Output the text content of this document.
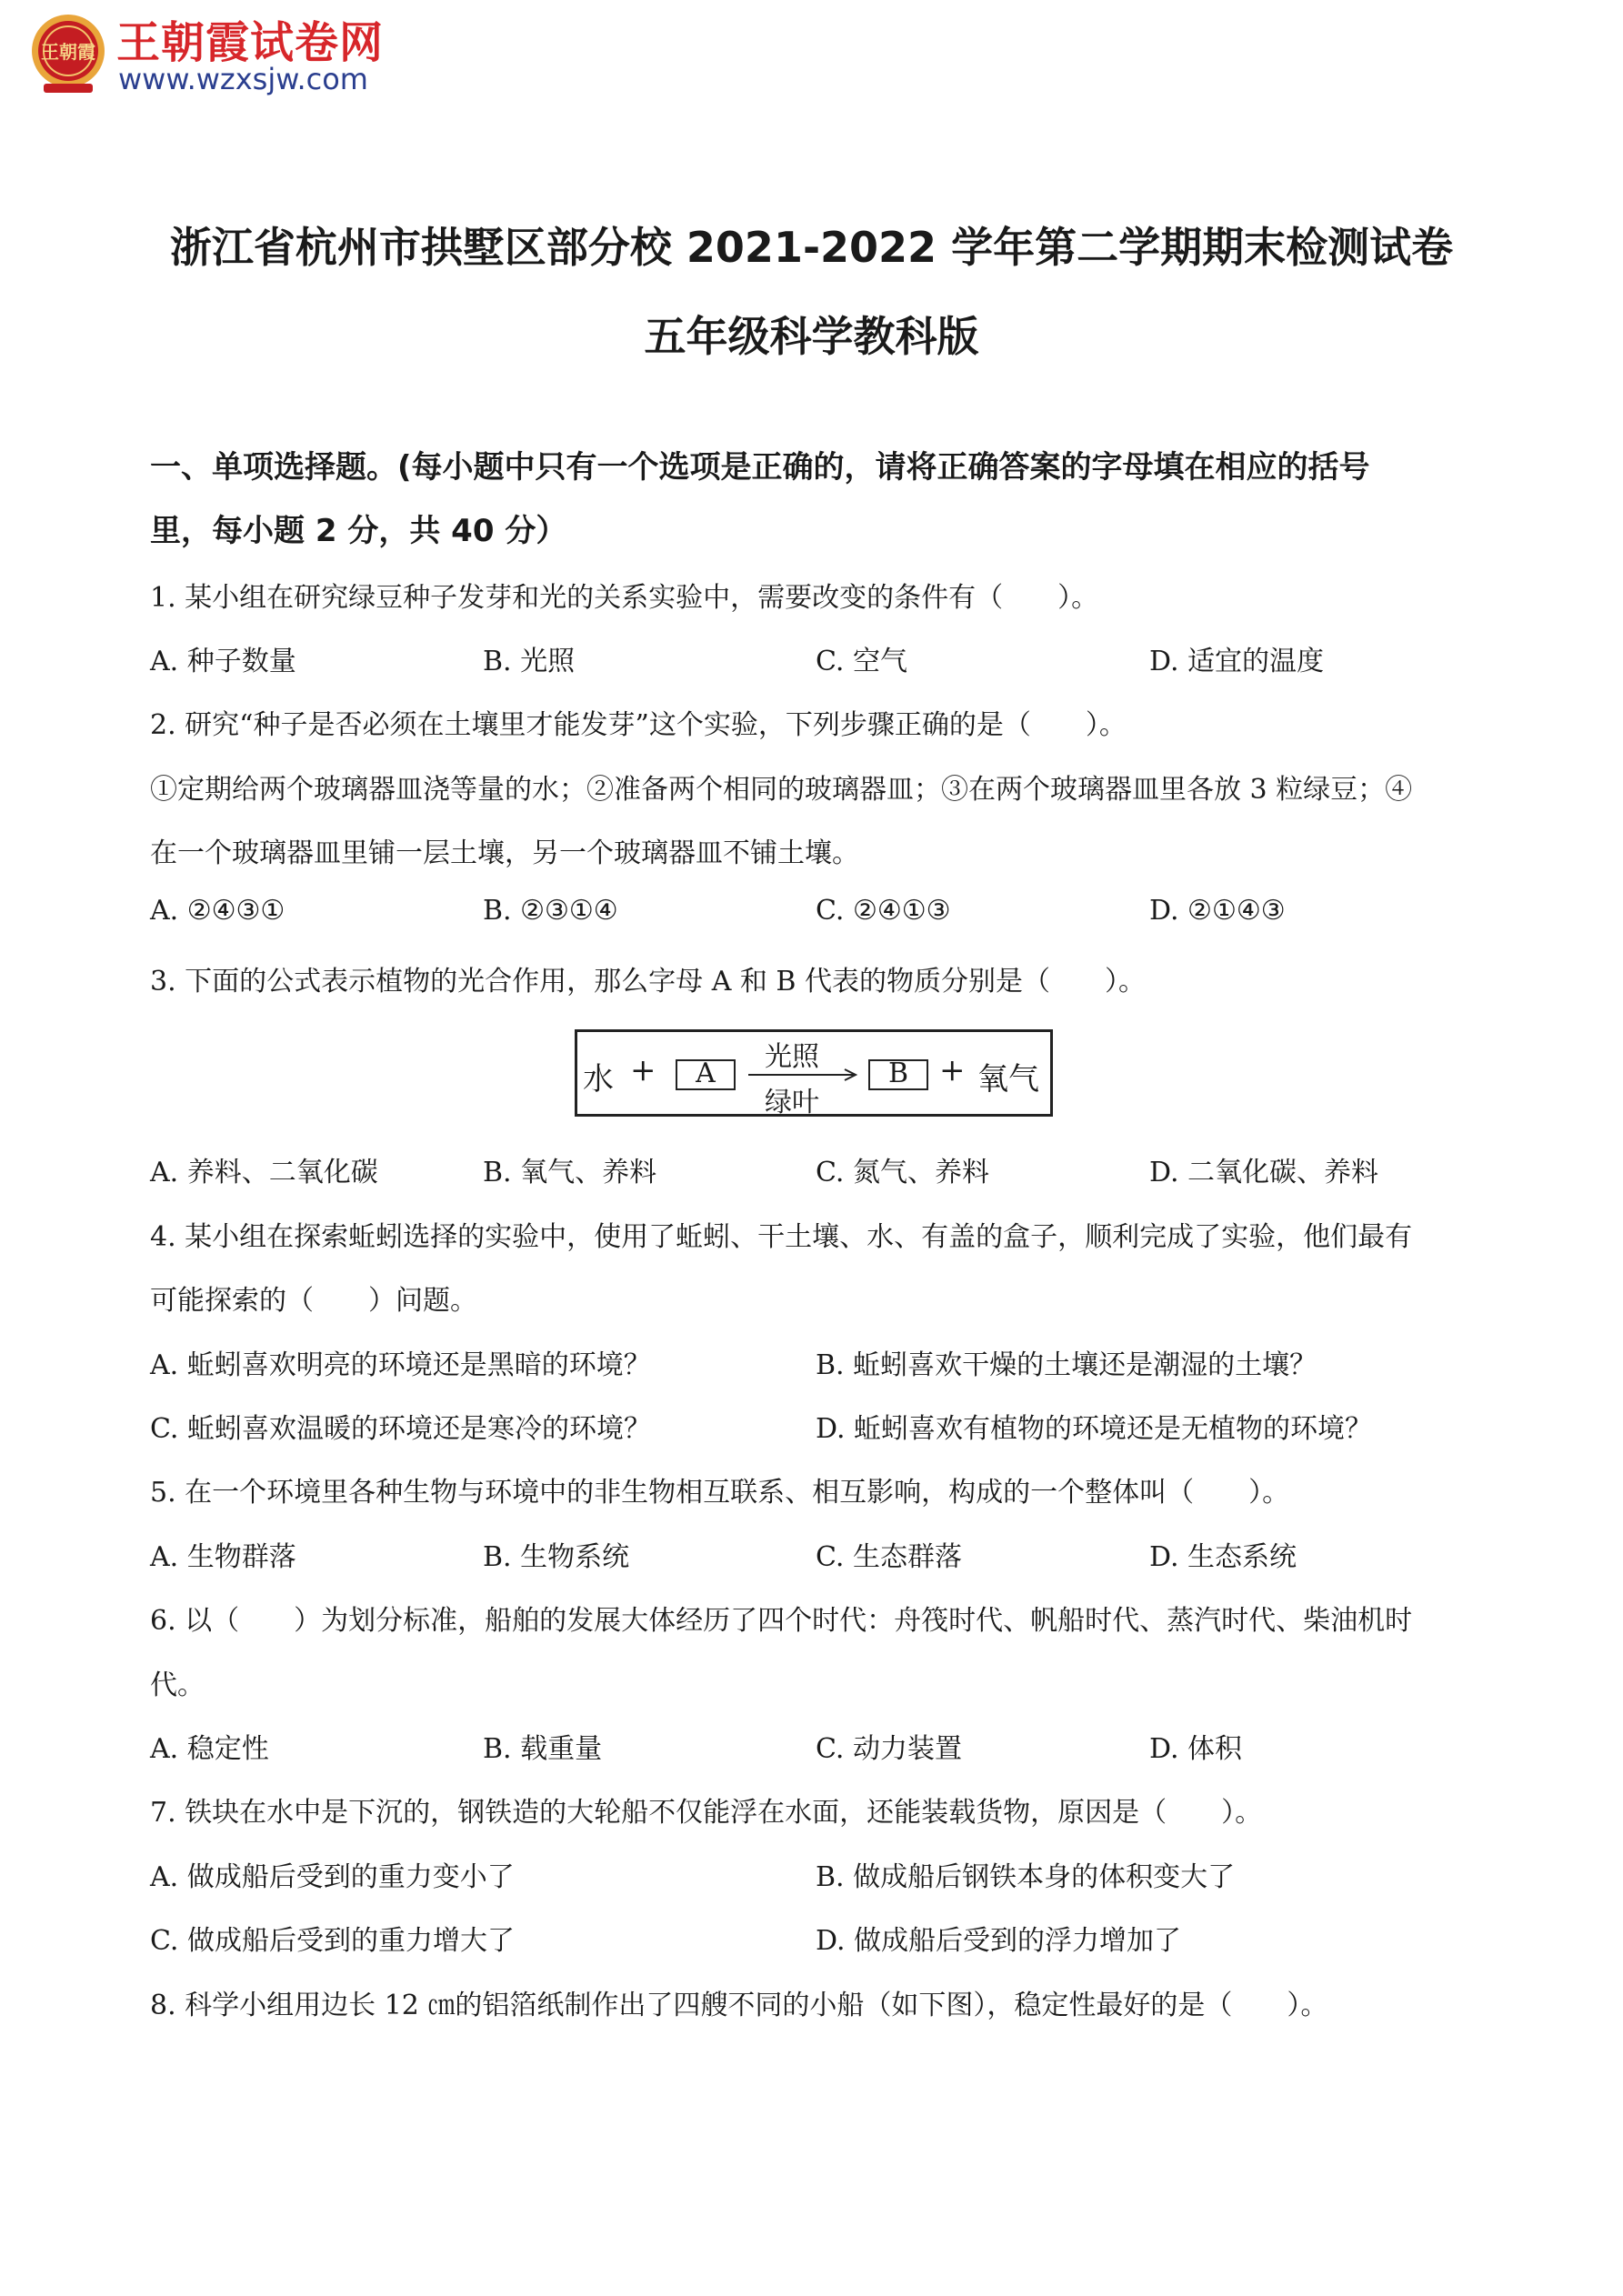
王朝霞 王朝霞试卷网
www.wzxsjw.com
浙江省杭州市拱墅区部分校 2021-2022 学年第二学期期末检测试卷
五年级科学教科版
一、单项选择题。(每小题中只有一个选项是正确的，请将正确答案的字母填在相应的括号
里，每小题 2 分，共 40 分）
1. 某小组在研究绿豆种子发芽和光的关系实验中，需要改变的条件有（　　）。
A. 种子数量	B. 光照	C. 空气	D. 适宜的温度
2. 研究“种子是否必须在土壤里才能发芽”这个实验，下列步骤正确的是（　　）。
①定期给两个玻璃器皿浇等量的水；②准备两个相同的玻璃器皿；③在两个玻璃器皿里各放 3 粒绿豆；④
在一个玻璃器皿里铺一层土壤，另一个玻璃器皿不铺土壤。
A. ②④③①	B. ②③①④	C. ②④①③	D. ②①④③
3. 下面的公式表示植物的光合作用，那么字母 A 和 B 代表的物质分别是（　　）。
水 +	A
光照
绿叶
B + 氧气
A. 养料、二氧化碳	B. 氧气、养料	C. 氮气、养料	D. 二氧化碳、养料
4. 某小组在探索蚯蚓选择的实验中，使用了蚯蚓、干土壤、水、有盖的盒子，顺利完成了实验，他们最有
可能探索的（　　）问题。
A. 蚯蚓喜欢明亮的环境还是黑暗的环境？	B. 蚯蚓喜欢干燥的土壤还是潮湿的土壤？
C. 蚯蚓喜欢温暖的环境还是寒冷的环境？	D. 蚯蚓喜欢有植物的环境还是无植物的环境？
5. 在一个环境里各种生物与环境中的非生物相互联系、相互影响，构成的一个整体叫（　　）。
A. 生物群落	B. 生物系统	C. 生态群落	D. 生态系统
6. 以（　　）为划分标准，船舶的发展大体经历了四个时代：舟筏时代、帆船时代、蒸汽时代、柴油机时
代。
A. 稳定性	B. 载重量	C. 动力装置	D. 体积
7. 铁块在水中是下沉的，钢铁造的大轮船不仅能浮在水面，还能装载货物，原因是（　　）。
A. 做成船后受到的重力变小了	B. 做成船后钢铁本身的体积变大了
C. 做成船后受到的重力增大了	D. 做成船后受到的浮力增加了
8. 科学小组用边长 12 ㎝的铝箔纸制作出了四艘不同的小船（如下图），稳定性最好的是（　　）。
